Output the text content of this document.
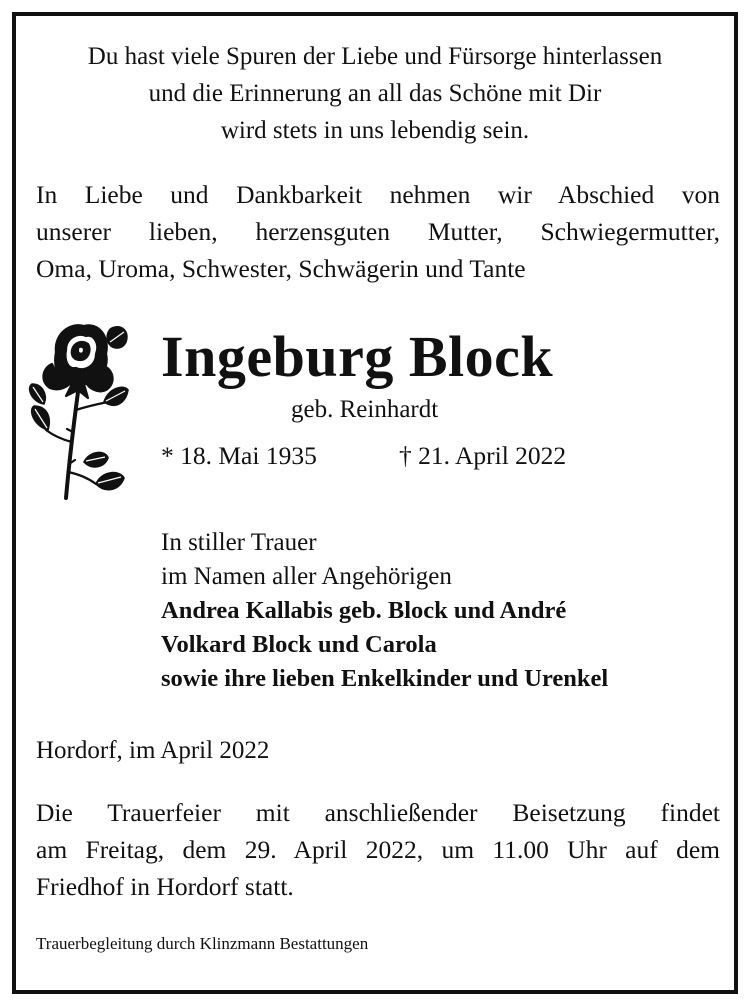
Du hast viele Spuren der Liebe und Fürsorge hinterlassen
und die Erinnerung an all das Schöne mit Dir
wird stets in uns lebendig sein.

In Liebe und Dankbarkeit nehmen wir Abschied von
unserer lieben, herzensguten Mutter, Schwiegermutter,
Oma, Uroma, Schwester, Schwägerin und Tante

Ingeburg Block
geb. Reinhardt
* 18. Mai 1935	† 21. April 2022
In stiller Trauer
im Namen aller Angehörigen
Andrea Kallabis geb. Block und André
Volkard Block und Carola
sowie ihre lieben Enkelkinder und Urenkel
Hordorf, im April 2022

Die Trauerfeier mit anschließender Beisetzung findet
am Freitag, dem 29. April 2022, um 11.00 Uhr auf dem
Friedhof in Hordorf statt.

Trauerbegleitung durch Klinzmann Bestattungen
